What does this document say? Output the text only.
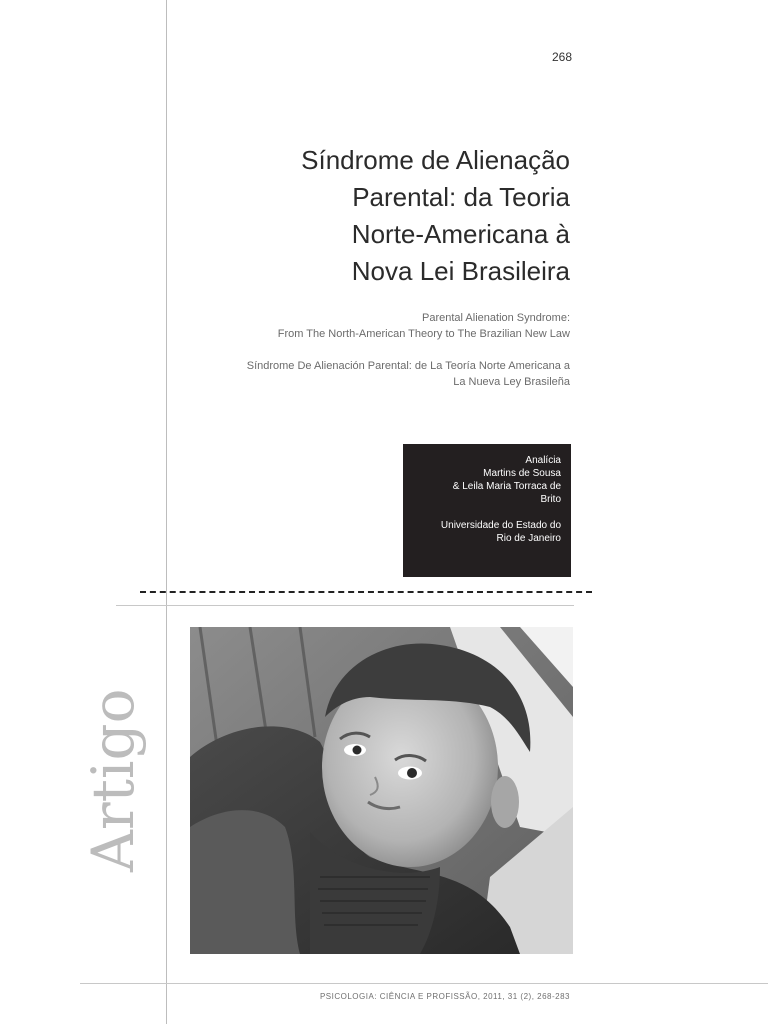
268
Síndrome de Alienação
Parental: da Teoria
Norte-Americana à
Nova Lei Brasileira
Parental Alienation Syndrome:
From The North-American Theory to The Brazilian New Law
Síndrome De Alienación Parental: de La Teoría Norte Americana a
La Nueva Ley Brasileña
Analícia
Martins de Sousa
& Leila Maria Torraca de
Brito
Universidade do Estado do
Rio de Janeiro
Artigo
PSICOLOGIA: CIÊNCIA E PROFISSÃO, 2011, 31 (2), 268-283
